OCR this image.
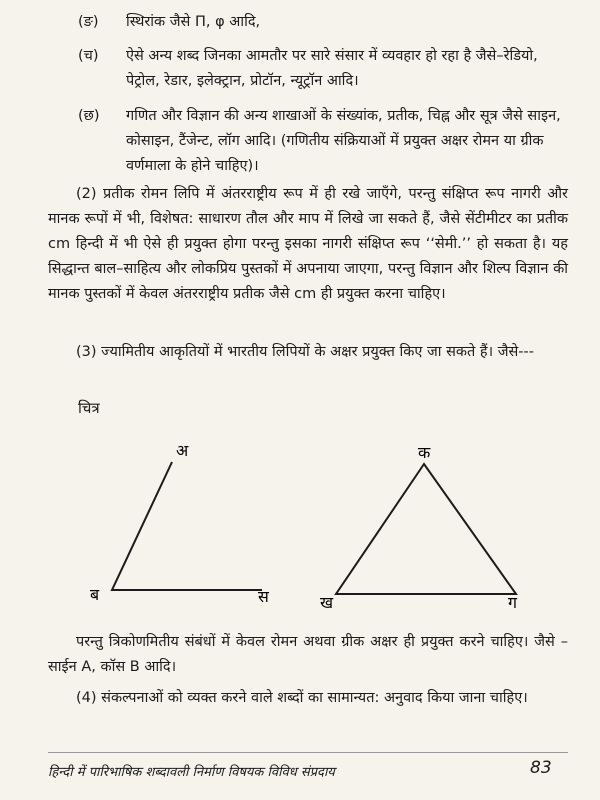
(ङ) स्थिरांक जैसे Π, φ आदि,
(च) ऐसे अन्य शब्द जिनका आमतौर पर सारे संसार में व्यवहार हो रहा है जैसे–रेडियो, पेट्रोल, रेडार, इलेक्ट्रान, प्रोटॉन, न्यूट्रॉन आदि।
(छ) गणित और विज्ञान की अन्य शाखाओं के संख्यांक, प्रतीक, चिह्न और सूत्र जैसे साइन, कोसाइन, टैंजेन्ट, लॉग आदि। (गणितीय संक्रियाओं में प्रयुक्त अक्षर रोमन या ग्रीक वर्णमाला के होने चाहिए)।
(2) प्रतीक रोमन लिपि में अंतरराष्ट्रीय रूप में ही रखे जाएँगे, परन्तु संक्षिप्त रूप नागरी और मानक रूपों में भी, विशेषत: साधारण तौल और माप में लिखे जा सकते हैं, जैसे सेंटीमीटर का प्रतीक cm हिन्दी में भी ऐसे ही प्रयुक्त होगा परन्तु इसका नागरी संक्षिप्त रूप ‘‘सेमी.’’ हो सकता है। यह सिद्धान्त बाल–साहित्य और लोकप्रिय पुस्तकों में अपनाया जाएगा, परन्तु विज्ञान और शिल्प विज्ञान की मानक पुस्तकों में केवल अंतरराष्ट्रीय प्रतीक जैसे cm ही प्रयुक्त करना चाहिए।
(3) ज्यामितीय आकृतियों में भारतीय लिपियों के अक्षर प्रयुक्त किए जा सकते हैं। जैसे---
चित्र
अ
ब	स
क
ख	ग
परन्तु त्रिकोणमितीय संबंधों में केवल रोमन अथवा ग्रीक अक्षर ही प्रयुक्त करने चाहिए। जैसे –साईन A, कॉस B आदि।
(4) संकल्पनाओं को व्यक्त करने वाले शब्दों का सामान्यत: अनुवाद किया जाना चाहिए।
हिन्दी में पारिभाषिक शब्दावली निर्माण विषयक विविध संप्रदाय	83
